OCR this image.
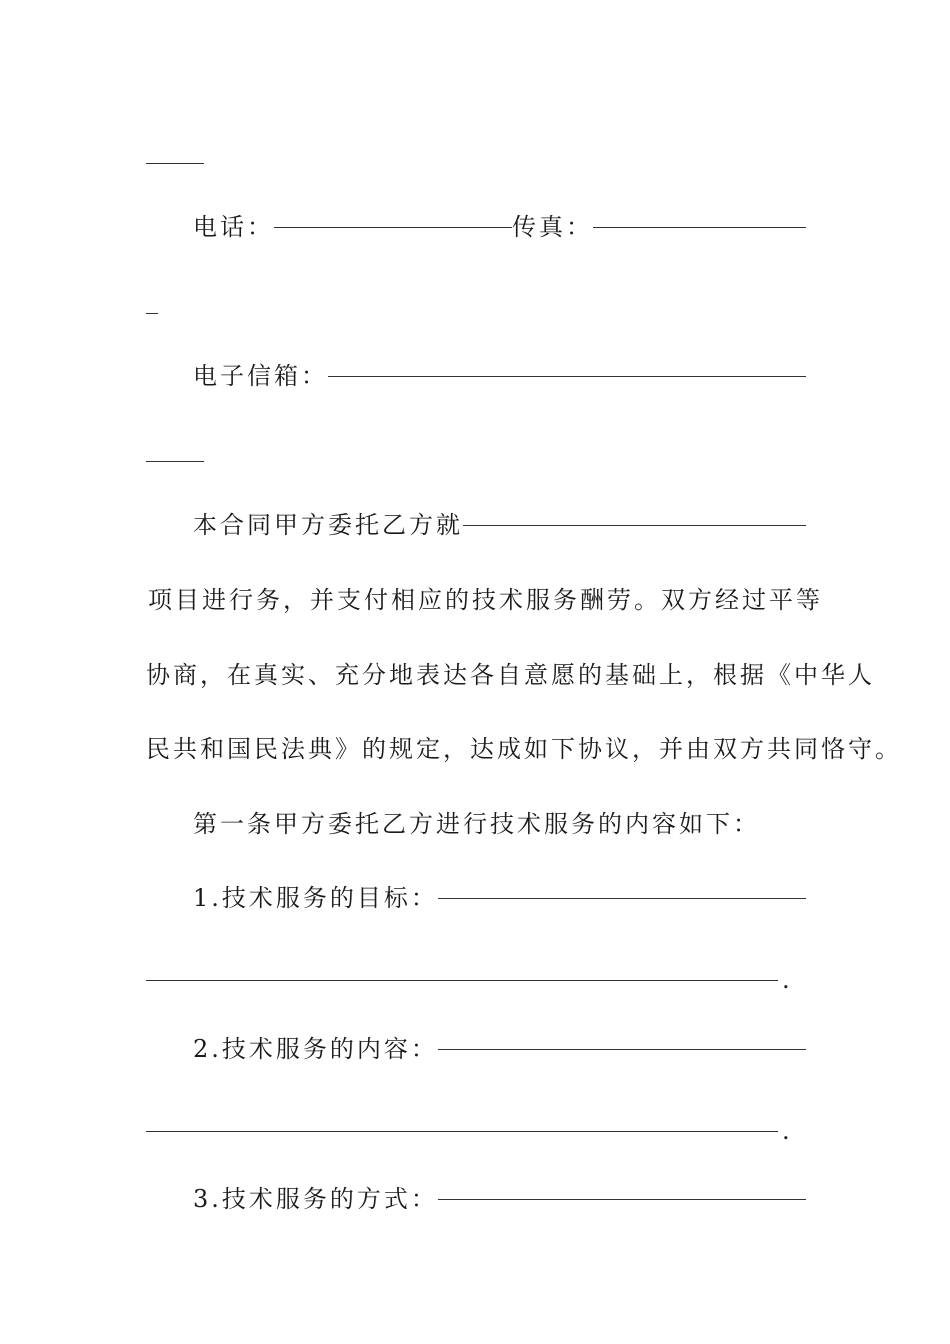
电话：	传真：
电子信箱：
本合同甲方委托乙方就
项目进行务，并支付相应的技术服务酬劳。双方经过平等
协商，在真实、充分地表达各自意愿的基础上，根据《中华人
民共和国民法典》的规定，达成如下协议，并由双方共同恪守。
第一条甲方委托乙方进行技术服务的内容如下：
1.技术服务的目标：
.
2.技术服务的内容：
.
3.技术服务的方式：
